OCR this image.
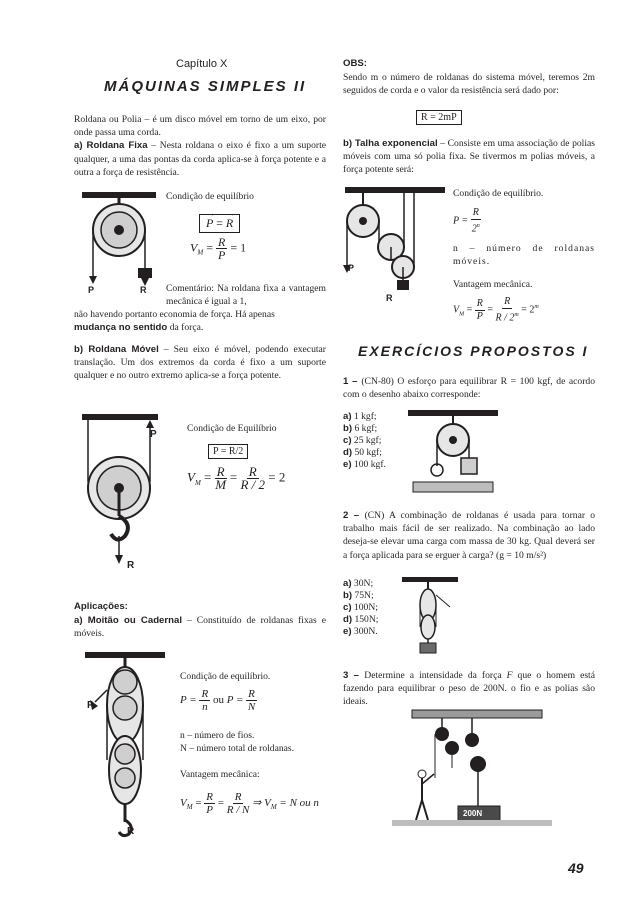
Capítulo X
MÁQUINAS SIMPLES II
Roldana ou Polia – é um disco móvel em torno de um eixo, por onde passa uma corda.
a) Roldana Fixa – Nesta roldana o eixo é fixo a um suporte qualquer, a uma das pontas da corda aplica-se à força potente e a outra a força de resistência.
Condição de equilíbrio
→
P =
→
R
$V_M = \frac{R}{P} = 1$
P	R Comentário: Na roldana fixa a vantagem mecânica é igual a 1,
não havendo portanto economia de força. Há apenas
mudança no sentido da força.
b) Roldana Móvel – Seu eixo é móvel, podendo executar translação. Um dos extremos da corda é fixo a um suporte qualquer e no outro extremo aplica-se a força potente.
P
R
Condição de Equilíbrio
P = R/2
$V_M = \frac{R}{M} = \frac{R}{R / 2} = 2$
Aplicações:
a) Moitão ou Cadernal – Constituído de roldanas fixas e móveis.
P
R
Condição de equilíbrio.
$P = \frac{R}{n}$ ou $P = \frac{R}{N}$
n – número de fios.
N – número total de roldanas.
Vantagem mecânica:
$V_M = \frac{R}{P} = \frac{R}{R / N}$ ⇒ $V_M = N$ ou n
OBS:
Sendo m o número de roldanas do sistema móvel, teremos 2m seguidos de corda e o valor da resistência será dado por:
R = 2mP
b) Talha exponencial – Consiste em uma associação de polias móveis com uma só polia fixa. Se tivermos m polias móveis, a força potente será:
P
R
Condição de equilíbrio.
$P = \frac{R}{2^n}$
n – número de roldanas móveis.
Vantagem mecânica.
$V_M = \frac{R}{P} = \frac{R}{R / 2^m} = 2^m$
EXERCÍCIOS PROPOSTOS I
1 – (CN-80) O esforço para equilibrar R = 100 kgf, de acordo com o desenho abaixo corresponde:
a) 1 kgf;
b) 6 kgf;
c) 25 kgf;
d) 50 kgf;
e) 100 kgf.
2 – (CN) A combinação de roldanas é usada para tornar o trabalho mais fácil de ser realizado. Na combinação ao lado deseja-se elevar uma carga com massa de 30 kg. Qual deverá ser a força aplicada para se erguer à carga? (g = 10 m/s²)
a) 30N;
b) 75N;
c) 100N;
d) 150N;
e) 300N.
3 – Determine a intensidade da força F que o homem está fazendo para equilibrar o peso de 200N. o fio e as polias são ideais.
200N
49
